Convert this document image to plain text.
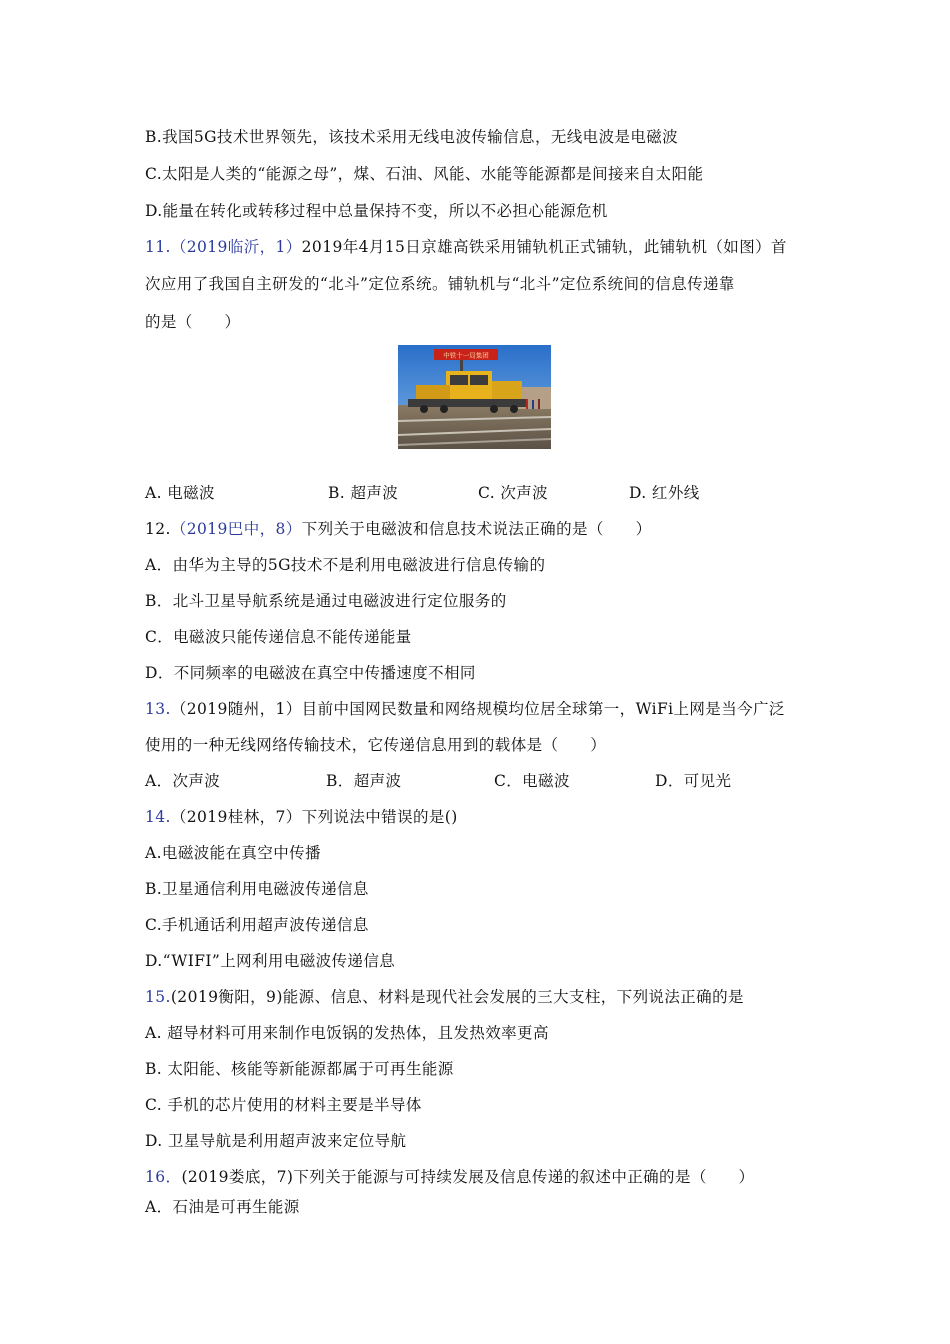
B.我国5G技术世界领先，该技术采用无线电波传输信息，无线电波是电磁波
C.太阳是人类的“能源之母”，煤、石油、风能、水能等能源都是间接来自太阳能
D.能量在转化或转移过程中总量保持不变，所以不必担心能源危机
11.（2019临沂，1）2019年4月15日京雄高铁采用铺轨机正式铺轨，此铺轨机（如图）首
次应用了我国自主研发的“北斗”定位系统。铺轨机与“北斗”定位系统间的信息传递靠
的是（　　）
中铁十一局集团
A. 电磁波	B. 超声波	C. 次声波	D. 红外线
12.（2019巴中，8）下列关于电磁波和信息技术说法正确的是（　　）
A．由华为主导的5G技术不是利用电磁波进行信息传输的
B．北斗卫星导航系统是通过电磁波进行定位服务的
C．电磁波只能传递信息不能传递能量
D．不同频率的电磁波在真空中传播速度不相同
13.（2019随州，1）目前中国网民数量和网络规模均位居全球第一，WiFi上网是当今广泛
使用的一种无线网络传输技术，它传递信息用到的载体是（　　）
A．次声波	B．超声波	C．电磁波	D．可见光
14.（2019桂林，7）下列说法中错误的是()
A.电磁波能在真空中传播
B.卫星通信利用电磁波传递信息
C.手机通话利用超声波传递信息
D.“WIFI”上网利用电磁波传递信息
15.(2019衡阳，9)能源、信息、材料是现代社会发展的三大支柱，下列说法正确的是
A. 超导材料可用来制作电饭锅的发热体，且发热效率更高
B. 太阳能、核能等新能源都属于可再生能源
C. 手机的芯片使用的材料主要是半导体
D. 卫星导航是利用超声波来定位导航
16．(2019娄底，7)下列关于能源与可持续发展及信息传递的叙述中正确的是（　　）
A．石油是可再生能源
